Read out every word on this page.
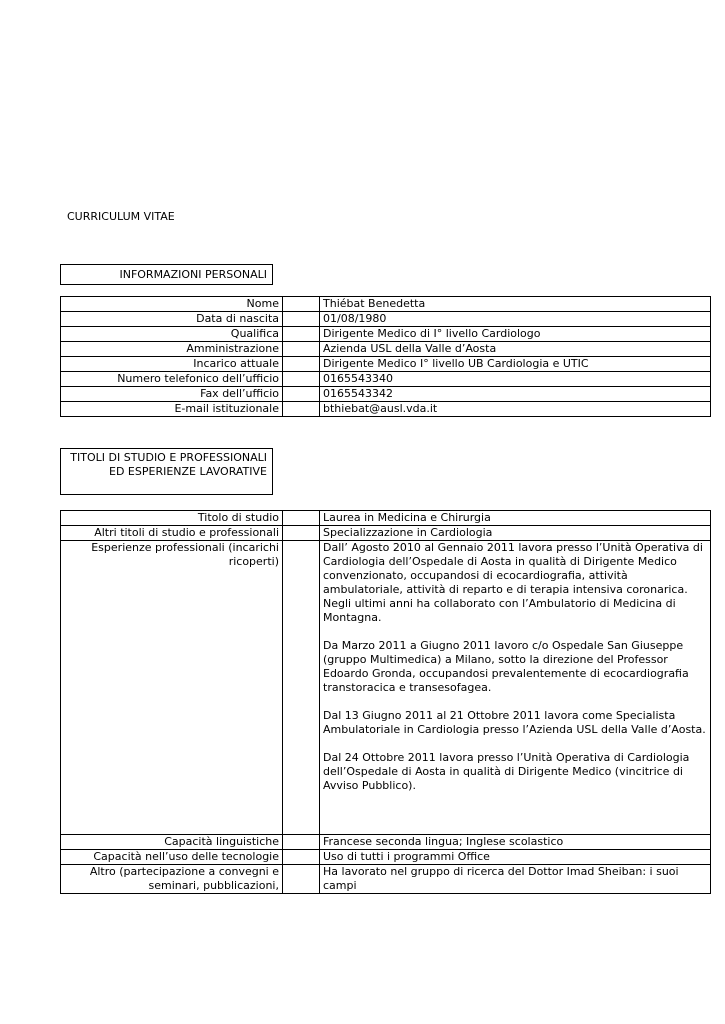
CURRICULUM VITAE
INFORMAZIONI PERSONALI
Nome		Thiébat Benedetta
Data di nascita		01/08/1980
Qualifica		Dirigente Medico di I° livello Cardiologo
Amministrazione		Azienda USL della Valle d’Aosta
Incarico attuale		Dirigente Medico I° livello UB Cardiologia e UTIC
Numero telefonico dell’ufficio		0165543340
Fax dell’ufficio		0165543342
E-mail istituzionale		bthiebat@ausl.vda.it
TITOLI DI STUDIO E PROFESSIONALI ED ESPERIENZE LAVORATIVE
Titolo di studio		Laurea in Medicina e Chirurgia
Altri titoli di studio e professionali		Specializzazione in Cardiologia
Esperienze professionali (incarichi ricoperti)		Dall’ Agosto 2010 al Gennaio 2011 lavora presso l’Unità Operativa di Cardiologia dell’Ospedale di Aosta in qualità di Dirigente Medico convenzionato, occupandosi di ecocardiografia, attività ambulatoriale, attività di reparto e di terapia intensiva coronarica.
Negli ultimi anni ha collaborato con l’Ambulatorio di Medicina di Montagna.
Da Marzo 2011 a Giugno 2011 lavoro c/o Ospedale San Giuseppe (gruppo Multimedica) a Milano, sotto la direzione del Professor Edoardo Gronda, occupandosi prevalentemente di ecocardiografia transtoracica e transesofagea.
Dal 13 Giugno 2011 al 21 Ottobre 2011 lavora come Specialista Ambulatoriale in Cardiologia presso l’Azienda USL della Valle d’Aosta.
Dal 24 Ottobre 2011 lavora presso l’Unità Operativa di Cardiologia dell’Ospedale di Aosta in qualità di Dirigente Medico (vincitrice di Avviso Pubblico).

Capacità linguistiche		Francese seconda lingua; Inglese scolastico
Capacità nell’uso delle tecnologie		Uso di tutti i programmi Office
Altro (partecipazione a convegni e seminari, pubblicazioni,		Ha lavorato nel gruppo di ricerca del Dottor Imad Sheiban: i suoi campi
